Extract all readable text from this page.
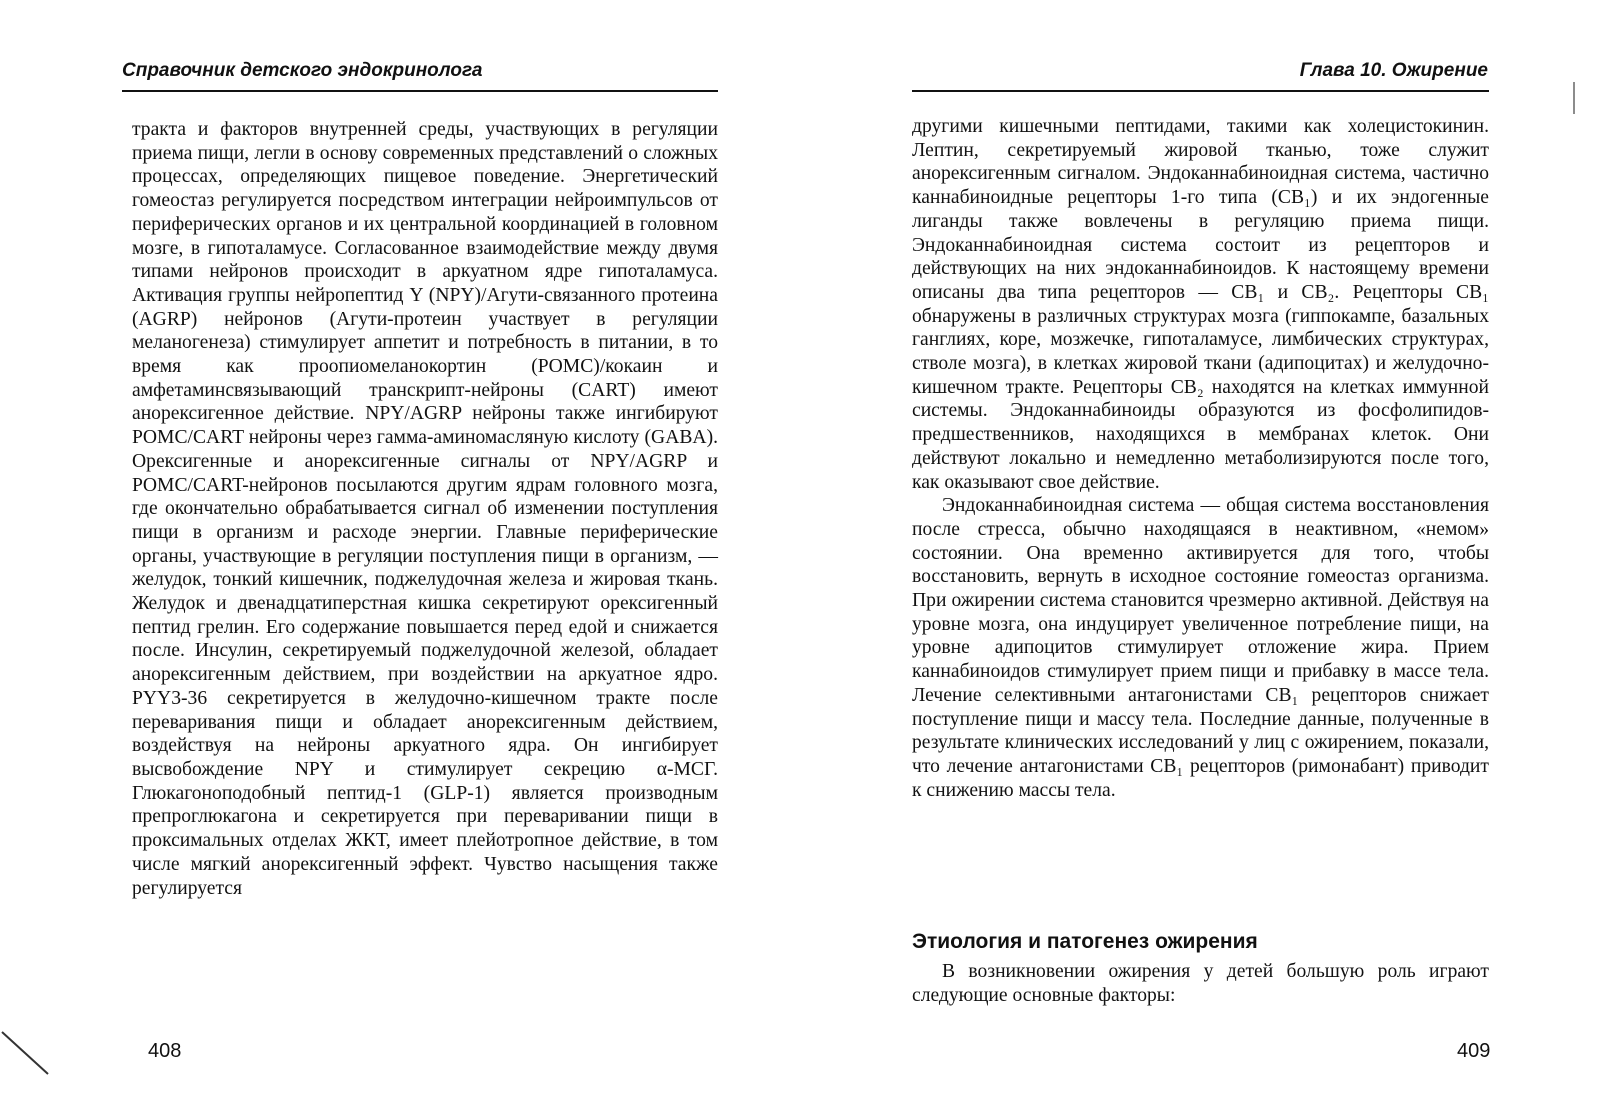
Справочник детского эндокринолога

тракта и факторов внутренней среды, участвующих в регуляции приема пищи, легли в основу современных представлений о сложных процессах, определяющих пищевое поведение. Энергетический гомеостаз регулируется посредством интеграции нейроимпульсов от периферических органов и их центральной координацией в головном мозге, в гипоталамусе. Согласованное взаимодействие между двумя типами нейронов происходит в аркуатном ядре гипоталамуса. Активация группы нейропептид Y (NPY)/Агути-связанного протеина (AGRP) нейронов (Агути-протеин участвует в регуляции меланогенеза) стимулирует аппетит и потребность в питании, в то время как проопиомеланокортин (POMC)/кокаин и амфетаминсвязывающий транскрипт-нейроны (CART) имеют анорексигенное действие. NPY/AGRP нейроны также ингибируют POMC/CART нейроны через гамма-аминомасляную кислоту (GABA). Орексигенные и анорексигенные сигналы от NPY/AGRP и POMC/CART-нейронов посылаются другим ядрам головного мозга, где окончательно обрабатывается сигнал об изменении поступления пищи в организм и расходе энергии. Главные периферические органы, участвующие в регуляции поступления пищи в организм, — желудок, тонкий кишечник, поджелудочная железа и жировая ткань. Желудок и двенадцатиперстная кишка секретируют орексигенный пептид грелин. Его содержание повышается перед едой и снижается после. Инсулин, секретируемый поджелудочной железой, обладает анорексигенным действием, при воздействии на аркуатное ядро. PYY3-36 секретируется в желудочно-кишечном тракте после переваривания пищи и обладает анорексигенным действием, воздействуя на нейроны аркуатного ядра. Он ингибирует высвобождение NPY и стимулирует секрецию α-МСГ. Глюкагоноподобный пептид-1 (GLP-1) является производным препроглюкагона и секретируется при переваривании пищи в проксимальных отделах ЖКТ, имеет плейотропное действие, в том числе мягкий анорексигенный эффект. Чувство насыщения также регулируется

408
Глава 10. Ожирение

другими кишечными пептидами, такими как холецистокинин. Лептин, секретируемый жировой тканью, тоже служит анорексигенным сигналом. Эндоканнабиноидная система, частично каннабиноидные рецепторы 1-го типа (CB₁) и их эндогенные лиганды также вовлечены в регуляцию приема пищи. Эндоканнабиноидная система состоит из рецепторов и действующих на них эндоканнабиноидов. К настоящему времени описаны два типа рецепторов — CB₁ и CB₂. Рецепторы CB₁ обнаружены в различных структурах мозга (гиппокампе, базальных ганглиях, коре, мозжечке, гипоталамусе, лимбических структурах, стволе мозга), в клетках жировой ткани (адипоцитах) и желудочно-кишечном тракте. Рецепторы CB₂ находятся на клетках иммунной системы. Эндоканнабиноиды образуются из фосфолипидов-предшественников, находящихся в мембранах клеток. Они действуют локально и немедленно метаболизируются после того, как оказывают свое действие.

Эндоканнабиноидная система — общая система восстановления после стресса, обычно находящаяся в неактивном, «немом» состоянии. Она временно активируется для того, чтобы восстановить, вернуть в исходное состояние гомеостаз организма. При ожирении система становится чрезмерно активной. Действуя на уровне мозга, она индуцирует увеличенное потребление пищи, на уровне адипоцитов стимулирует отложение жира. Прием каннабиноидов стимулирует прием пищи и прибавку в массе тела. Лечение селективными антагонистами CB₁ рецепторов снижает поступление пищи и массу тела. Последние данные, полученные в результате клинических исследований у лиц с ожирением, показали, что лечение антагонистами CB₁ рецепторов (римонабант) приводит к снижению массы тела.

Этиология и патогенез ожирения

В возникновении ожирения у детей большую роль играют следующие основные факторы:

409
